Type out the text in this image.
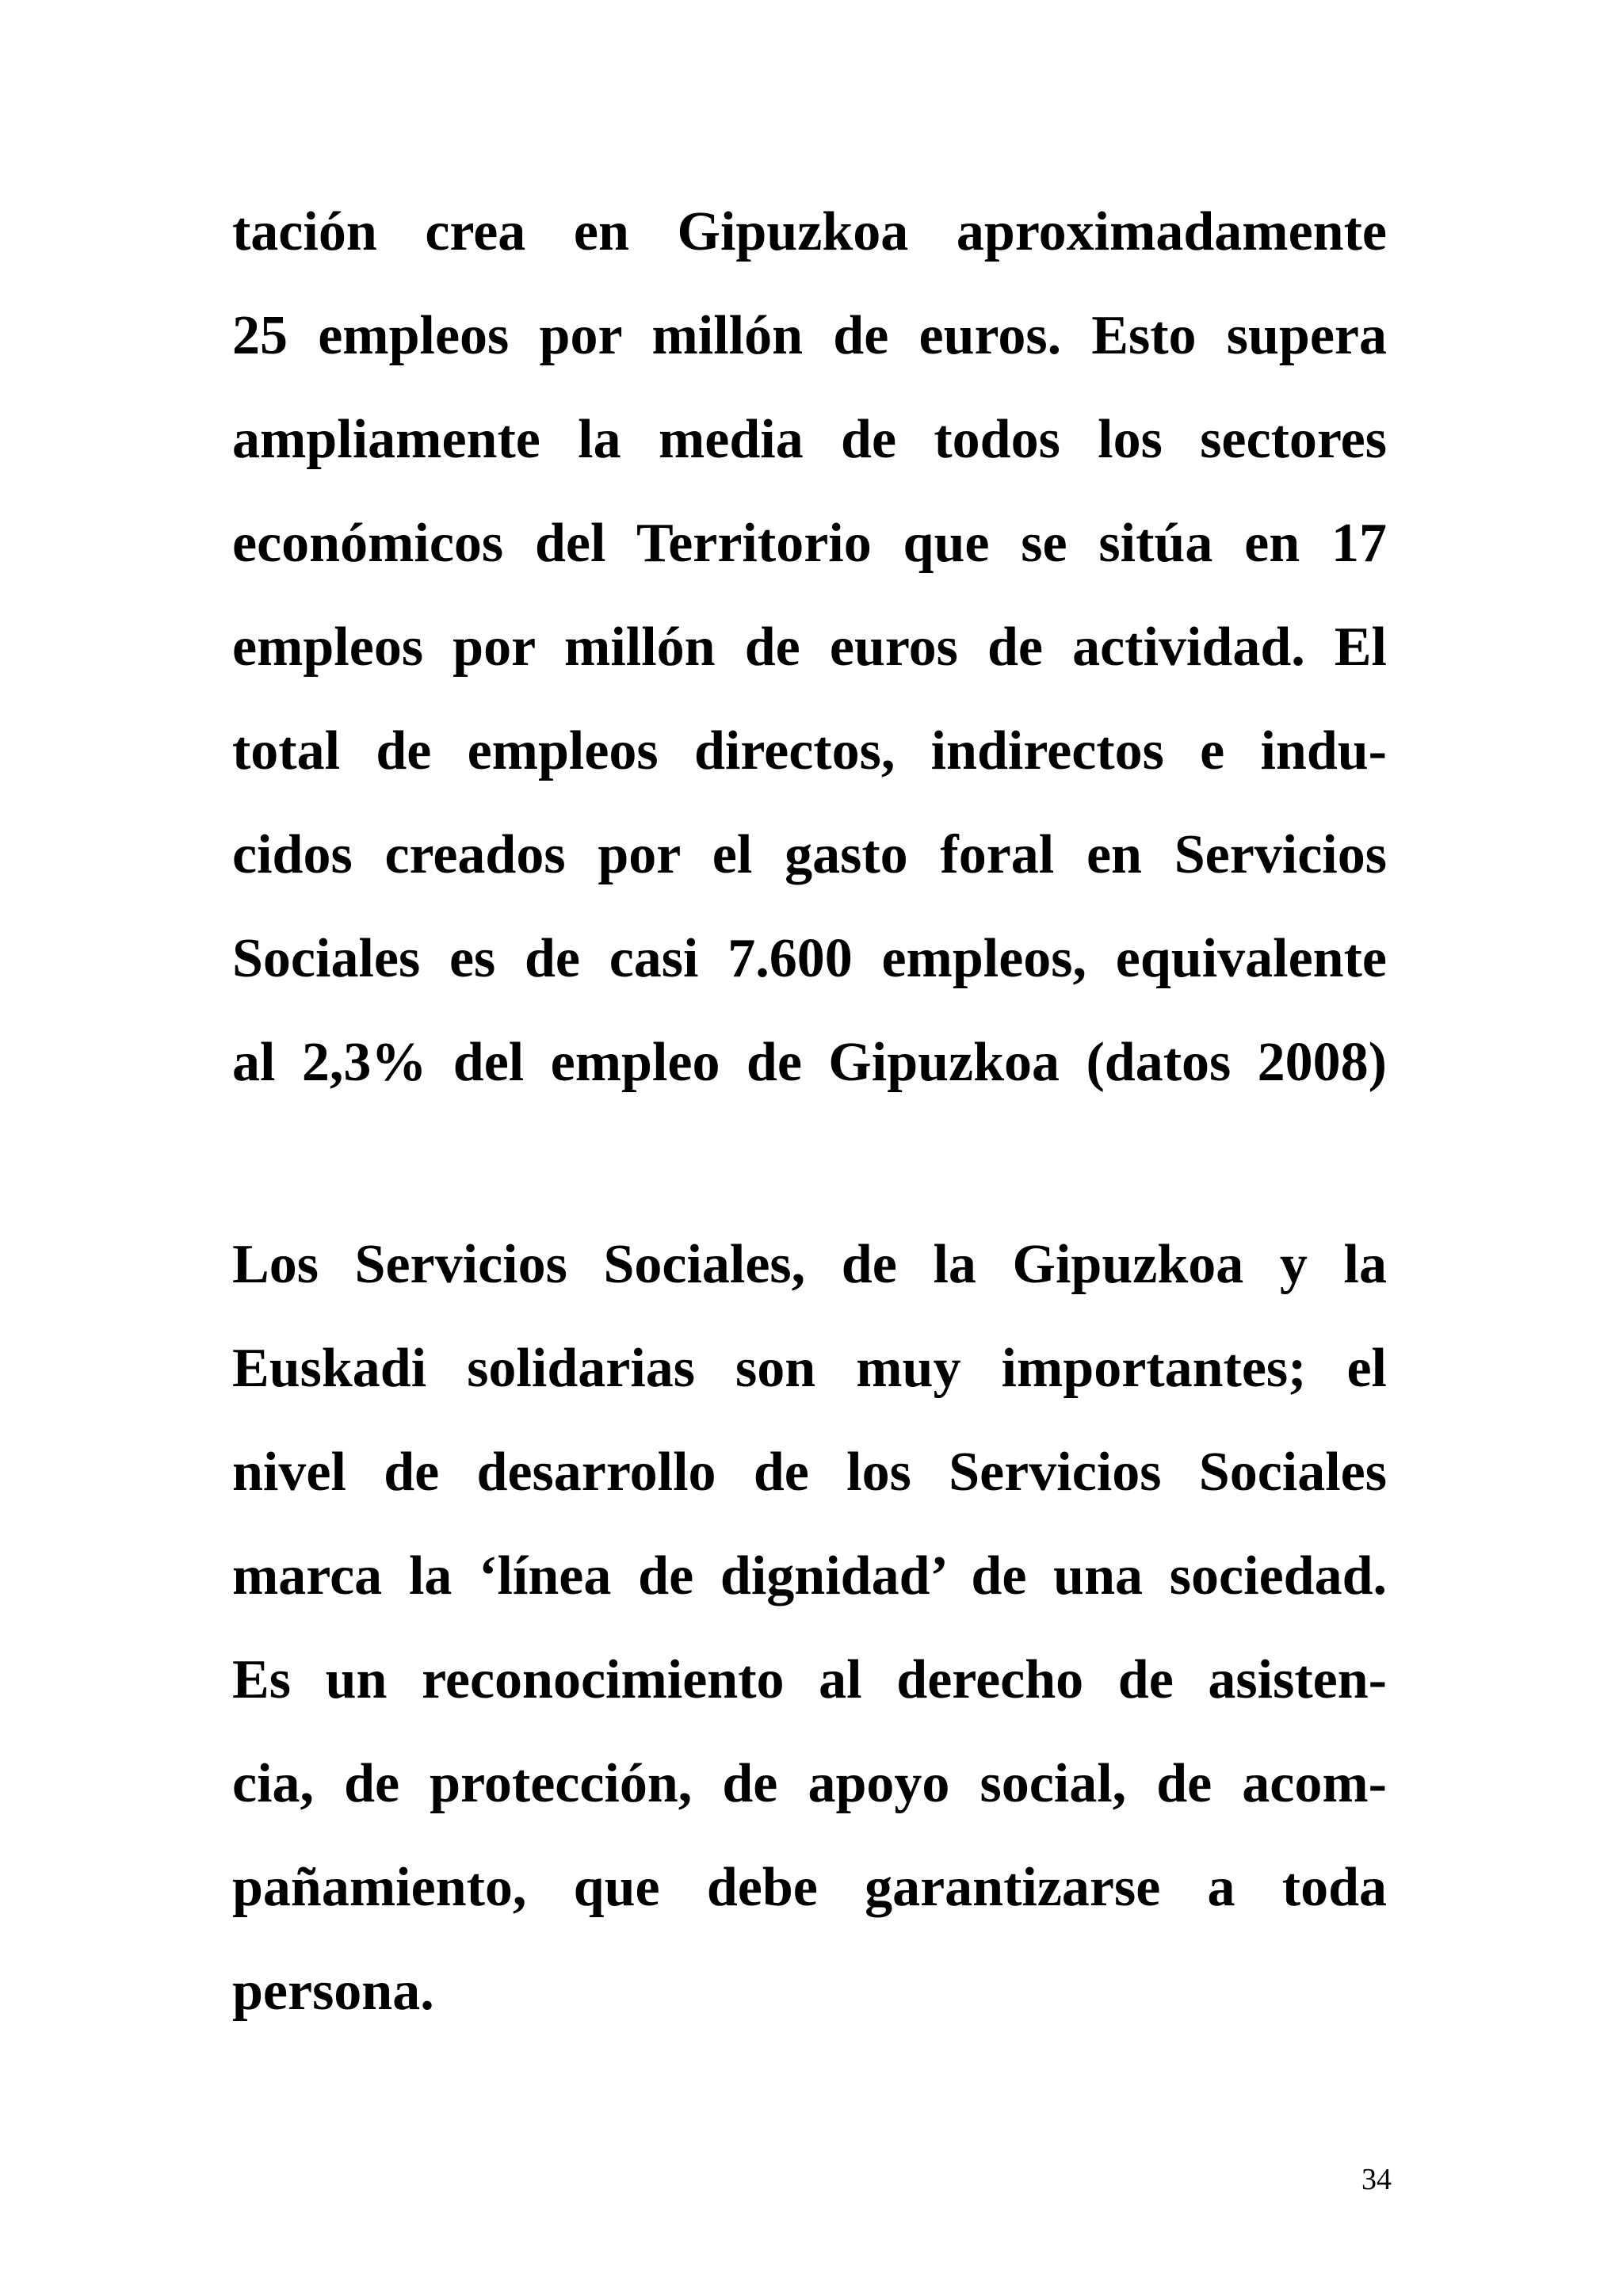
tación crea en Gipuzkoa aproximadamente
25 empleos por millón de euros. Esto supera
ampliamente la media de todos los sectores
económicos del Territorio que se sitúa en 17
empleos por millón de euros de actividad. El
total de empleos directos, indirectos e indu-
cidos creados por el gasto foral en Servicios
Sociales es de casi 7.600 empleos, equivalente
al 2,3% del empleo de Gipuzkoa (datos 2008)
Los Servicios Sociales, de la Gipuzkoa y la
Euskadi solidarias son muy importantes; el
nivel de desarrollo de los Servicios Sociales
marca la ‘línea de dignidad’ de una sociedad.
Es un reconocimiento al derecho de asisten-
cia, de protección, de apoyo social, de acom-
pañamiento, que debe garantizarse a toda
persona.
34
